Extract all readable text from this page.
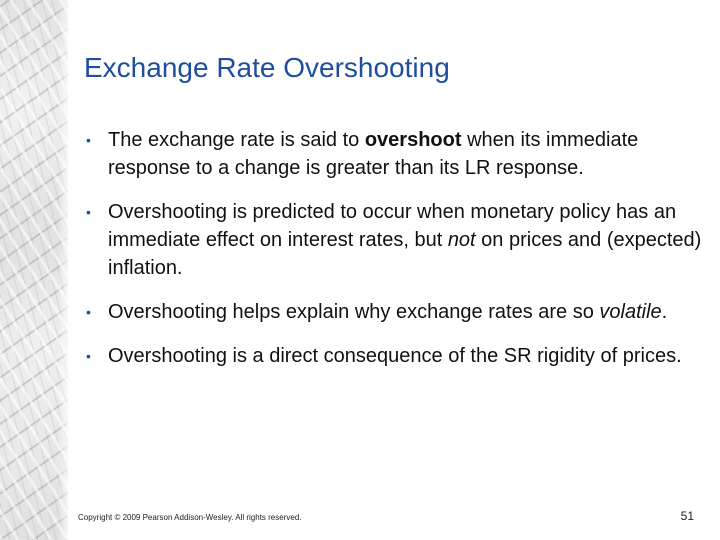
Exchange Rate Overshooting
• The exchange rate is said to overshoot when its immediate response to a change is greater than its LR response.
• Overshooting is predicted to occur when monetary policy has an immediate effect on interest rates, but not on prices and (expected) inflation.
• Overshooting helps explain why exchange rates are so volatile.
• Overshooting is a direct consequence of the SR rigidity of prices.
Copyright © 2009 Pearson Addison-Wesley. All rights reserved.	51
